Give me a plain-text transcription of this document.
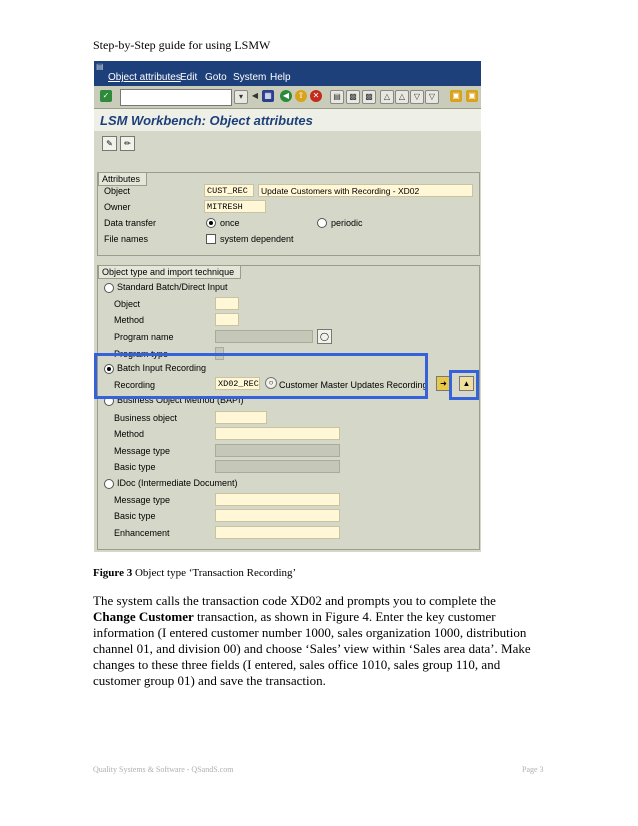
Step-by-Step guide for using LSMW
▤
Object attributes Edit Goto System Help
✓	▾	◀ ▦	◀	⇧	✕	▤	▩	▩	△	△	▽	▽	▣ ▣
LSM Workbench: Object attributes
✎	✏
Attributes
Object	CUST_REC	Update Customers with Recording - XD02
Owner	MITRESH
Data transfer	once	periodic
File names	system dependent
Object type and import technique
Standard Batch/Direct Input
Object
Method
Program name	◯
Program type
Batch Input Recording
Recording	XD02_REC	○ Customer Master Updates Recording	➜	▲
Business Object Method (BAPI)
Business object
Method
Message type
Basic type
IDoc (Intermediate Document)
Message type
Basic type
Enhancement
Figure 3 Object type ‘Transaction Recording’
The system calls the transaction code XD02 and prompts you to complete the Change Customer transaction, as shown in Figure 4. Enter the key customer information (I entered customer number 1000, sales organization 1000, distribution channel 01, and division 00) and choose ‘Sales’ view within ‘Sales area data’. Make changes to these three fields (I entered, sales office 1010, sales group 110, and customer group 01) and save the transaction.
Quality Systems & Software - QSandS.com	Page 3
